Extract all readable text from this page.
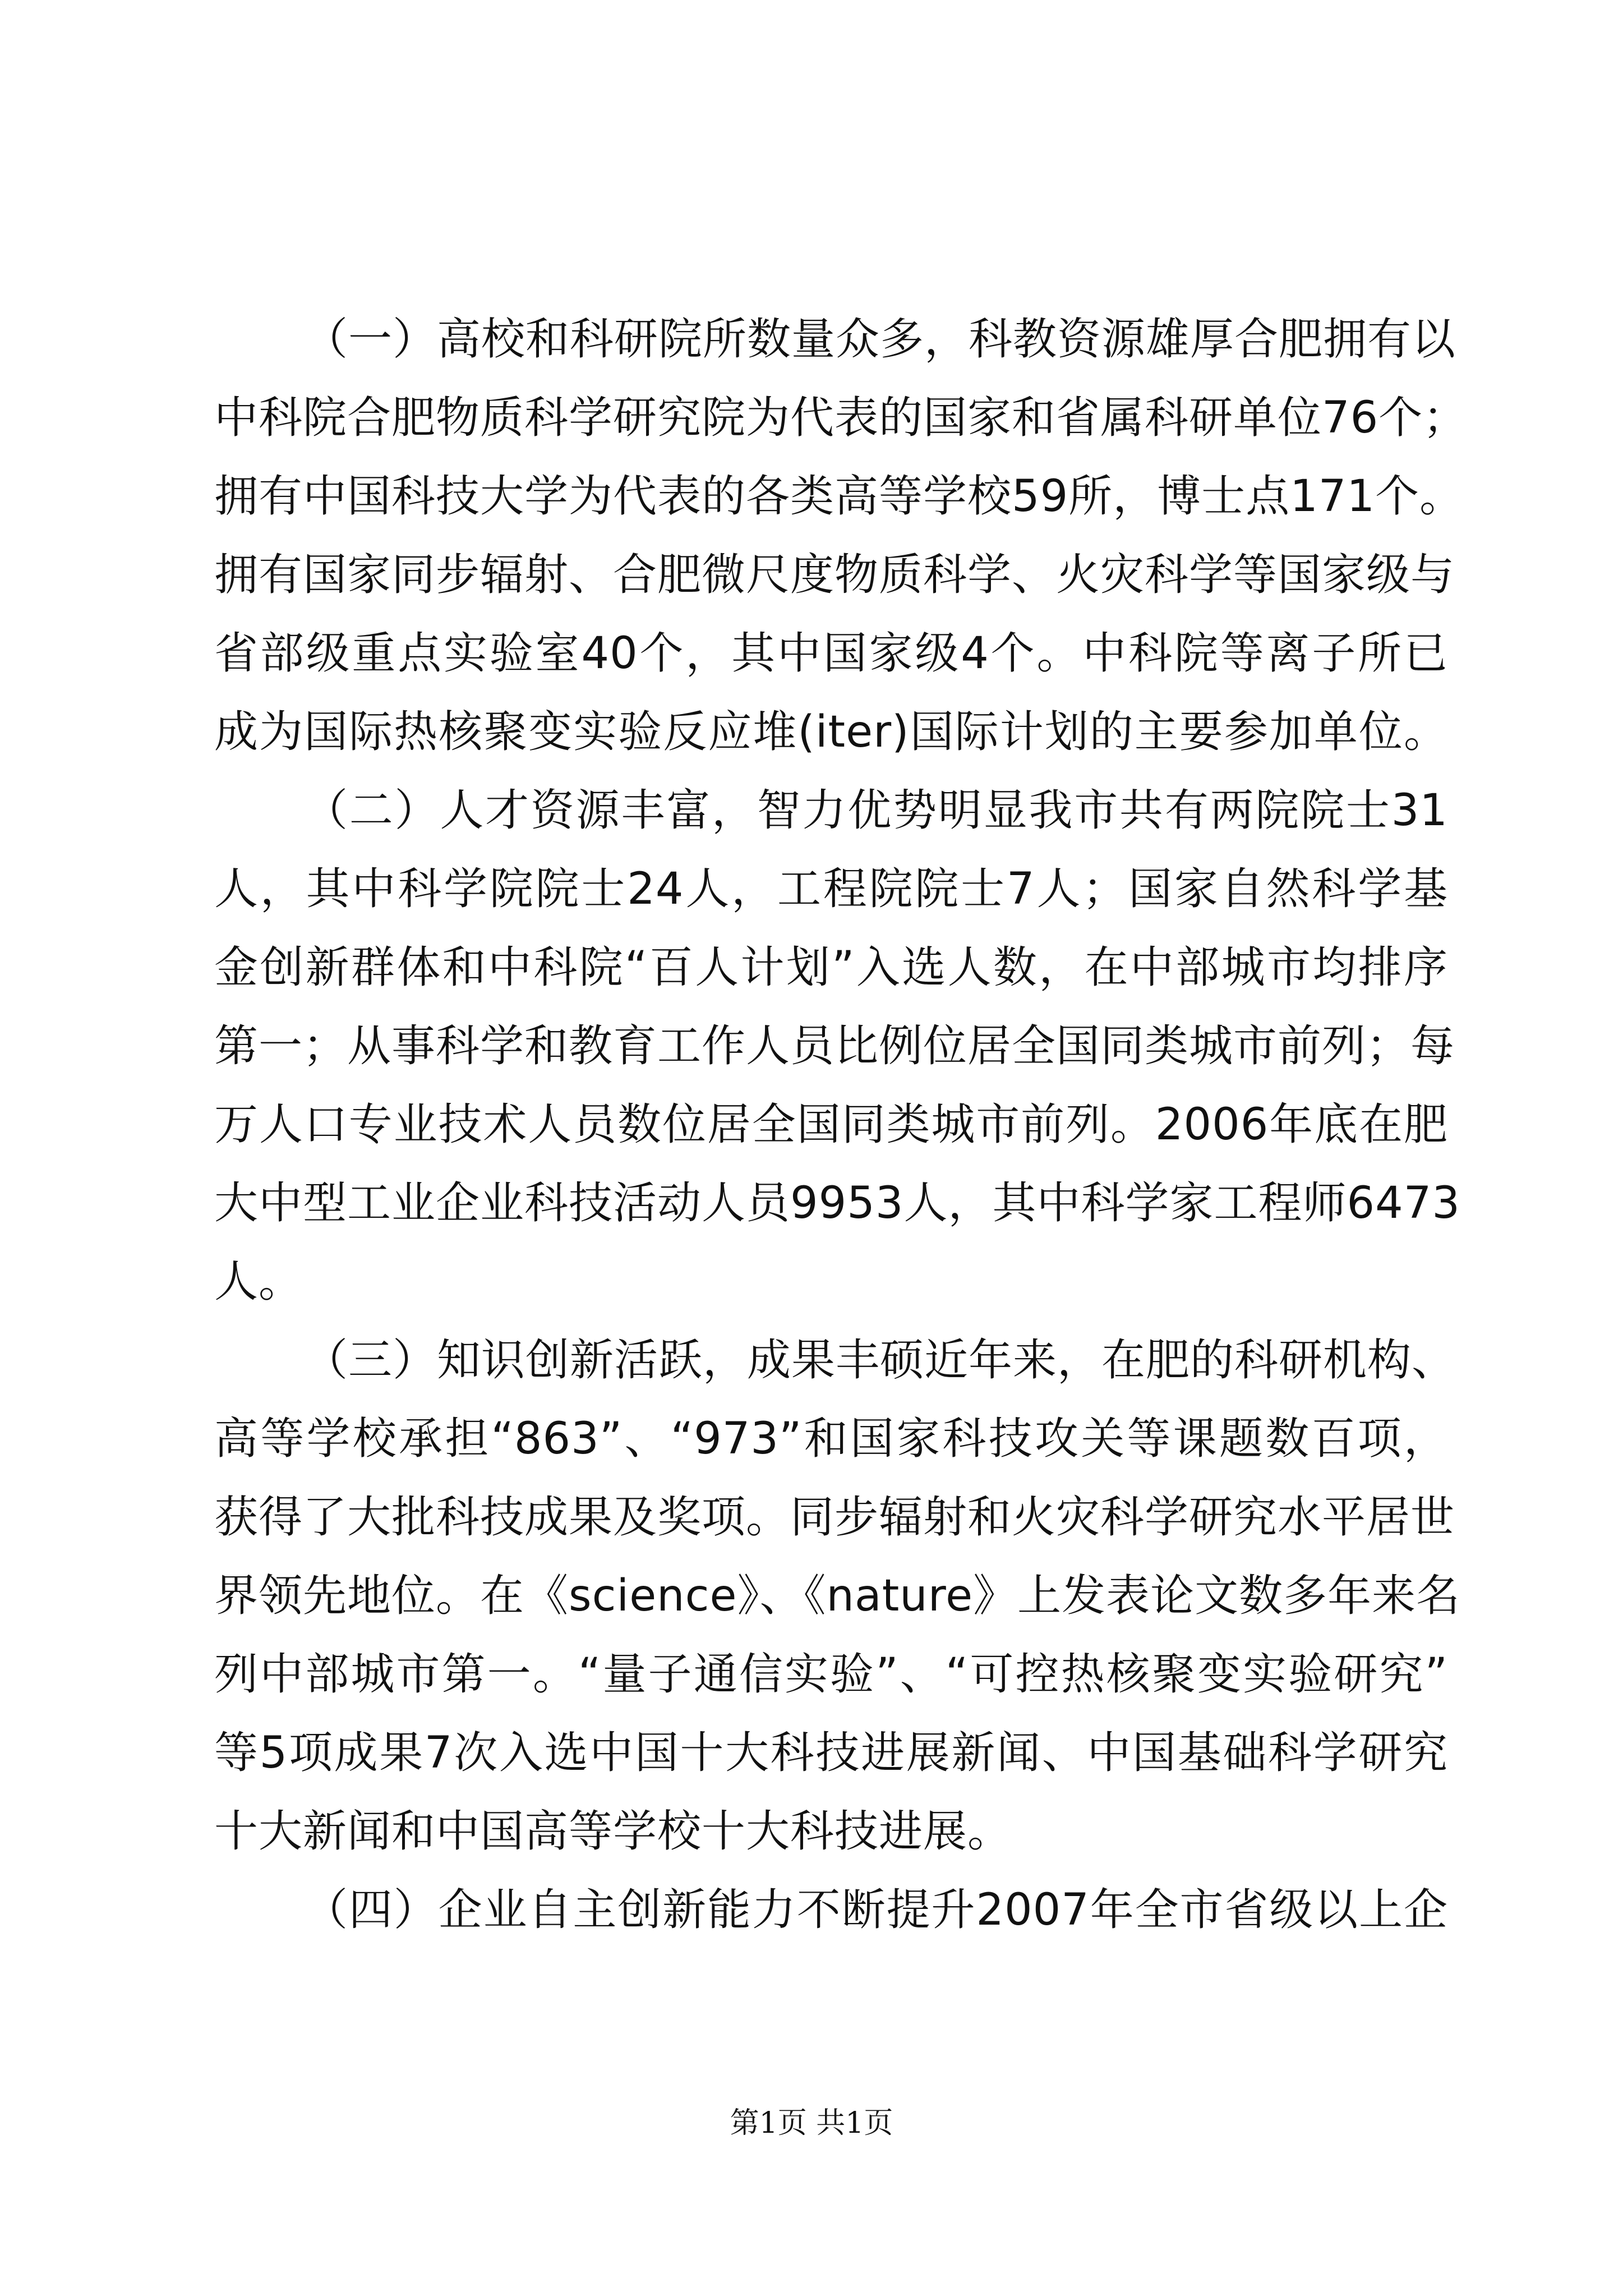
（一）高校和科研院所数量众多，科教资源雄厚合肥拥有以
中科院合肥物质科学研究院为代表的国家和省属科研单位76个；
拥有中国科技大学为代表的各类高等学校59所，博士点171个。
拥有国家同步辐射、合肥微尺度物质科学、火灾科学等国家级与
省部级重点实验室40个，其中国家级4个。中科院等离子所已
成为国际热核聚变实验反应堆(iter)国际计划的主要参加单位。
（二）人才资源丰富，智力优势明显我市共有两院院士31
人，其中科学院院士24人，工程院院士7人；国家自然科学基
金创新群体和中科院“百人计划”入选人数，在中部城市均排序
第一；从事科学和教育工作人员比例位居全国同类城市前列；每
万人口专业技术人员数位居全国同类城市前列。2006年底在肥
大中型工业企业科技活动人员9953人，其中科学家工程师6473
人。
（三）知识创新活跃，成果丰硕近年来，在肥的科研机构、
高等学校承担“863”、“973”和国家科技攻关等课题数百项，
获得了大批科技成果及奖项。同步辐射和火灾科学研究水平居世
界领先地位。在《science》、《nature》上发表论文数多年来名
列中部城市第一。“量子通信实验”、“可控热核聚变实验研究”
等5项成果7次入选中国十大科技进展新闻、中国基础科学研究
十大新闻和中国高等学校十大科技进展。
（四）企业自主创新能力不断提升2007年全市省级以上企
第1页 共1页
